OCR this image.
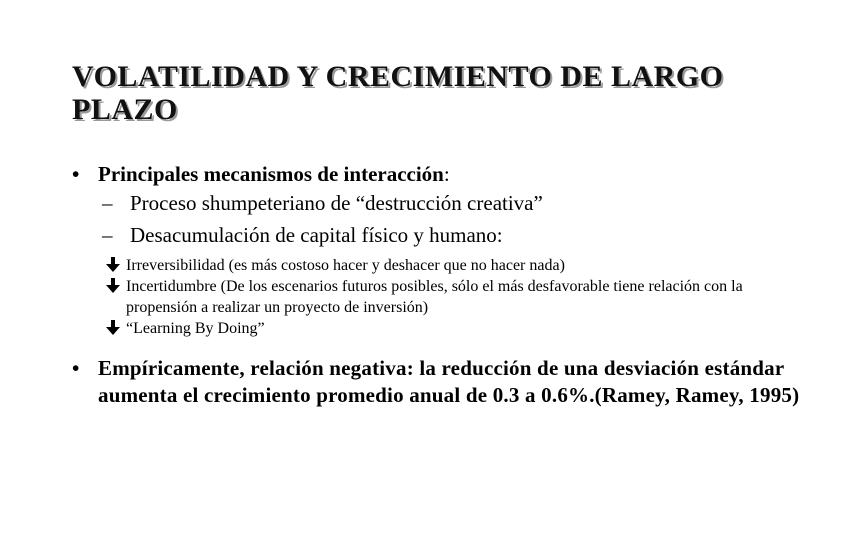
VOLATILIDAD Y CRECIMIENTO DE LARGO PLAZO
• Principales mecanismos de interacción:
– Proceso shumpeteriano de “destrucción creativa”
– Desacumulación de capital físico y humano:
Irreversibilidad (es más costoso hacer y deshacer que no hacer nada)
Incertidumbre (De los escenarios futuros posibles, sólo el más desfavorable tiene relación con la propensión a realizar un proyecto de inversión)
“Learning By Doing”
• Empíricamente, relación negativa: la reducción de una desviación estándar aumenta el crecimiento promedio anual de 0.3 a 0.6%.(Ramey, Ramey, 1995)
